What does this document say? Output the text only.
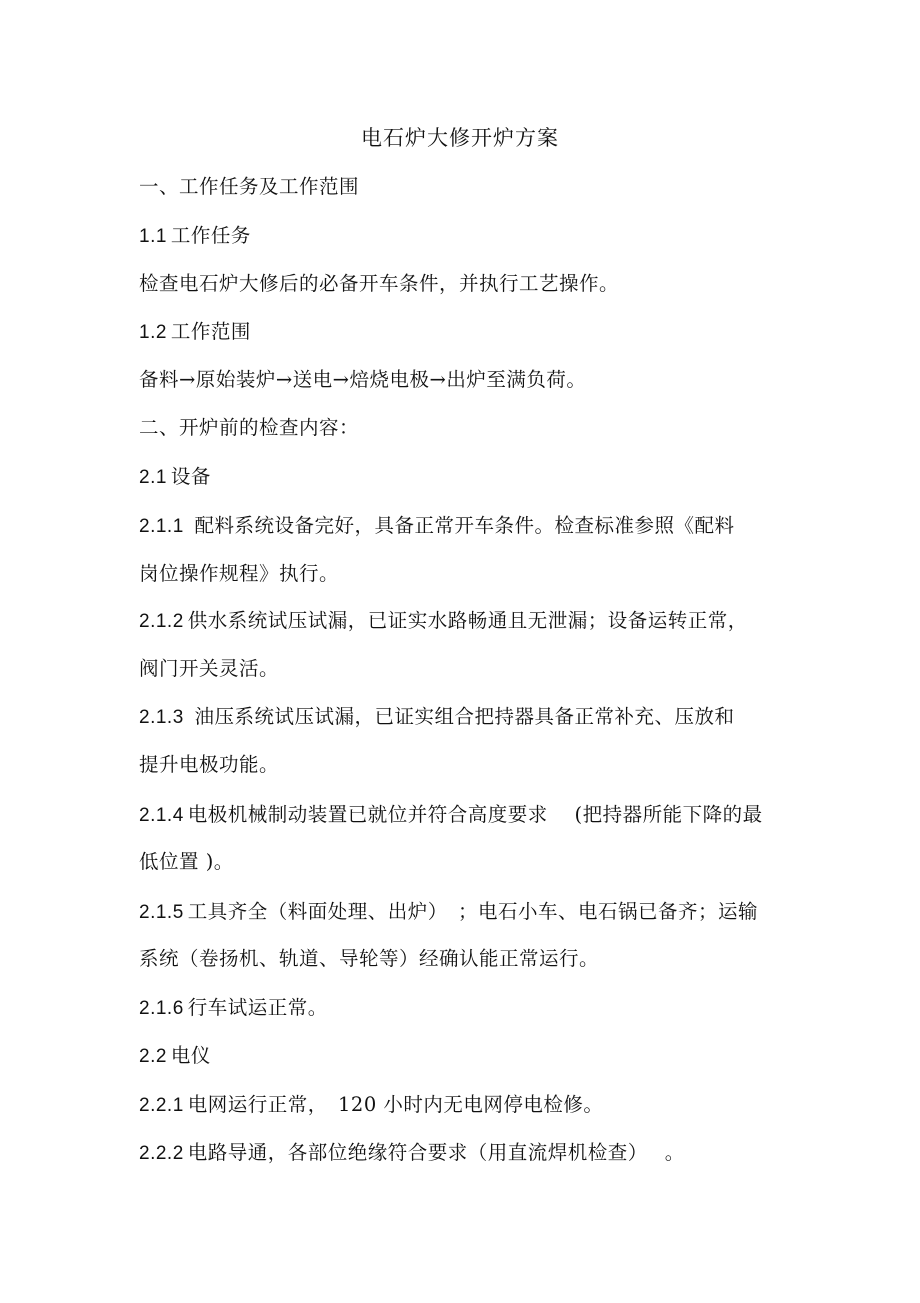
电石炉大修开炉方案
一、工作任务及工作范围
1.1 工作任务
检查电石炉大修后的必备开车条件，并执行工艺操作。
1.2 工作范围
备料→原始装炉→送电→焙烧电极→出炉至满负荷。
二、开炉前的检查内容：
2.1 设备
2.1.1 配料系统设备完好，具备正常开车条件。检查标准参照《配料
岗位操作规程》执行。
2.1.2 供水系统试压试漏，已证实水路畅通且无泄漏；设备运转正常，
阀门开关灵活。
2.1.3 油压系统试压试漏，已证实组合把持器具备正常补充、压放和
提升电极功能。
2.1.4 电极机械制动装置已就位并符合高度要求　 (把持器所能下降的最
低位置 )。
2.1.5 工具齐全（料面处理、出炉）　；电石小车、电石锅已备齐；运输
系统（卷扬机、轨道、导轮等）经确认能正常运行。
2.1.6 行车试运正常。
2.2 电仪
2.2.1 电网运行正常，　120 小时内无电网停电检修。
2.2.2 电路导通，各部位绝缘符合要求（用直流焊机检查）　 。
